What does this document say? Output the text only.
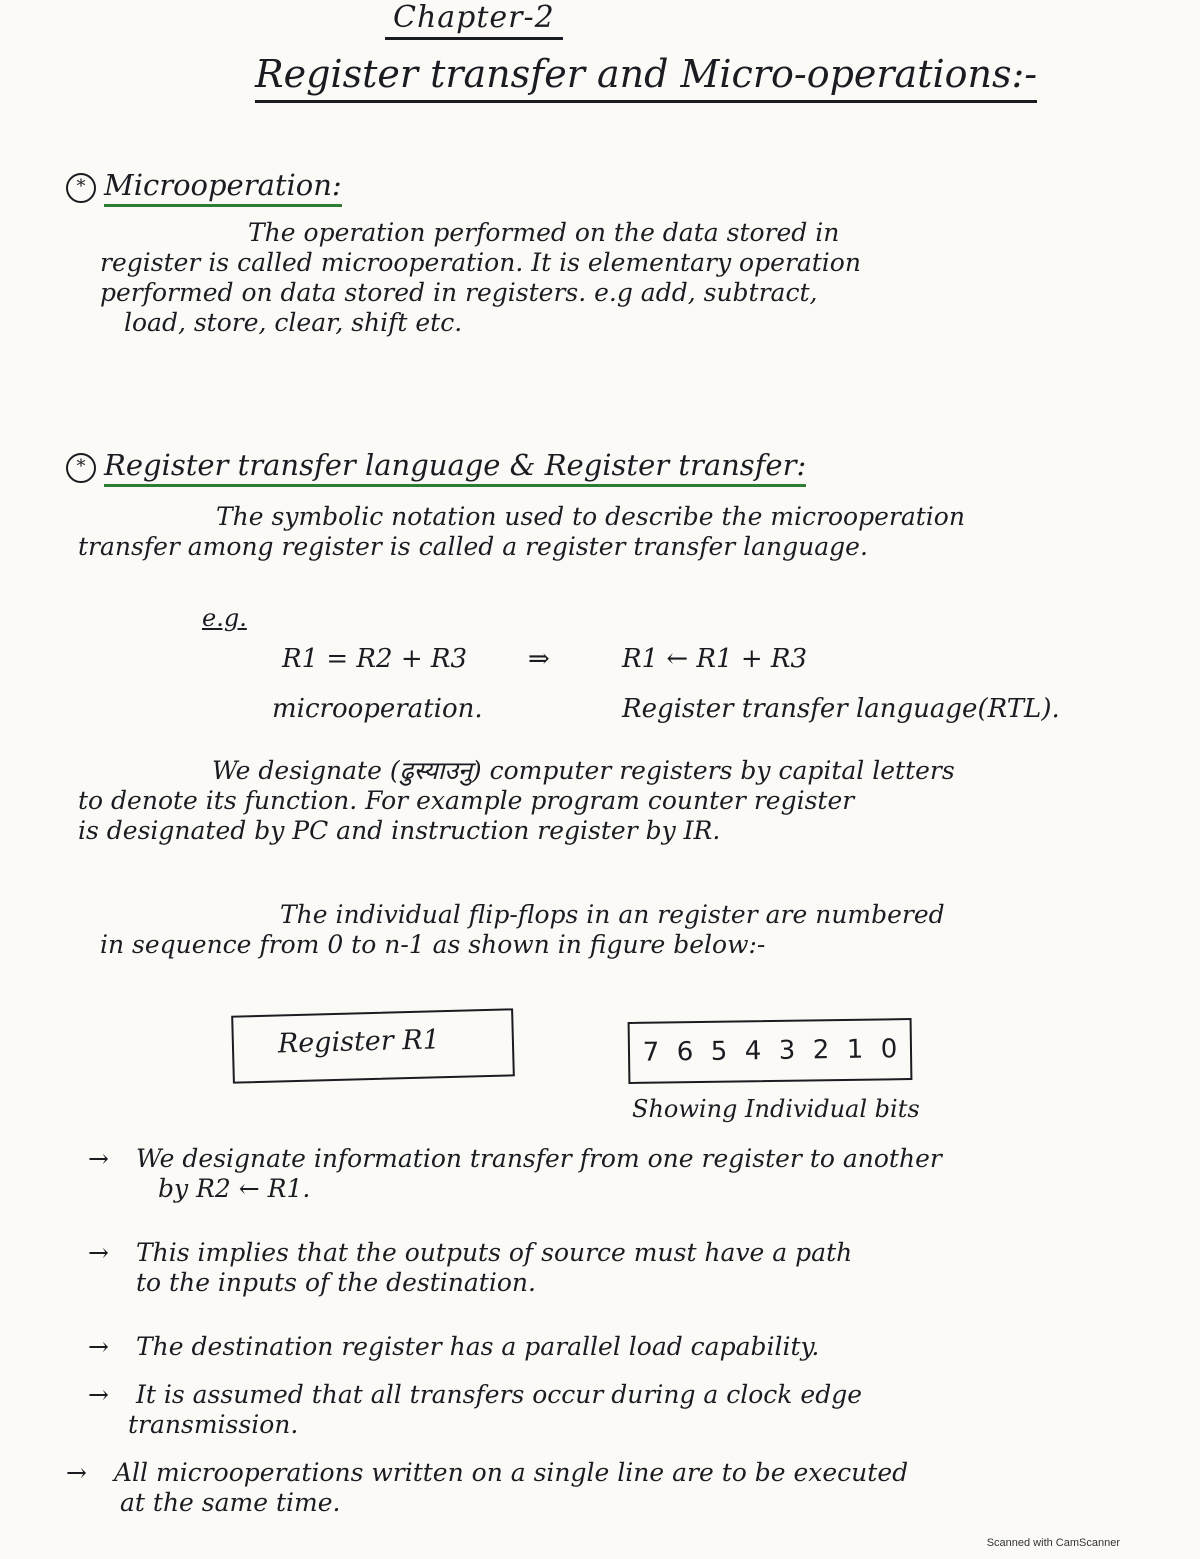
Chapter-2
Register transfer and Micro-operations:-
* Microoperation:

The operation performed on the data stored in
register is called microoperation. It is elementary operation
performed on data stored in registers. e.g add, subtract,
load, store, clear, shift etc.

* Register transfer language & Register transfer:

The symbolic notation used to describe the microoperation
transfer among register is called a register transfer language.

e.g.
R1 = R2 + R3 ⇒	R1 ← R1 + R3
microoperation.	Register transfer language(RTL).

We designate (ढुस्याउनु) computer registers by capital letters
to denote its function. For example program counter register
is designated by PC and instruction register by IR.

The individual flip-flops in an register are numbered
in sequence from 0 to n-1 as shown in figure below:-

Register R1	7 6 5 4 3 2 1 0
Showing Individual bits

→ We designate information transfer from one register to another
by R2 ← R1.

→ This implies that the outputs of source must have a path
to the inputs of the destination.

→ The destination register has a parallel load capability.

→ It is assumed that all transfers occur during a clock edge
transmission.

→ All microoperations written on a single line are to be executed
at the same time.

Scanned with CamScanner
